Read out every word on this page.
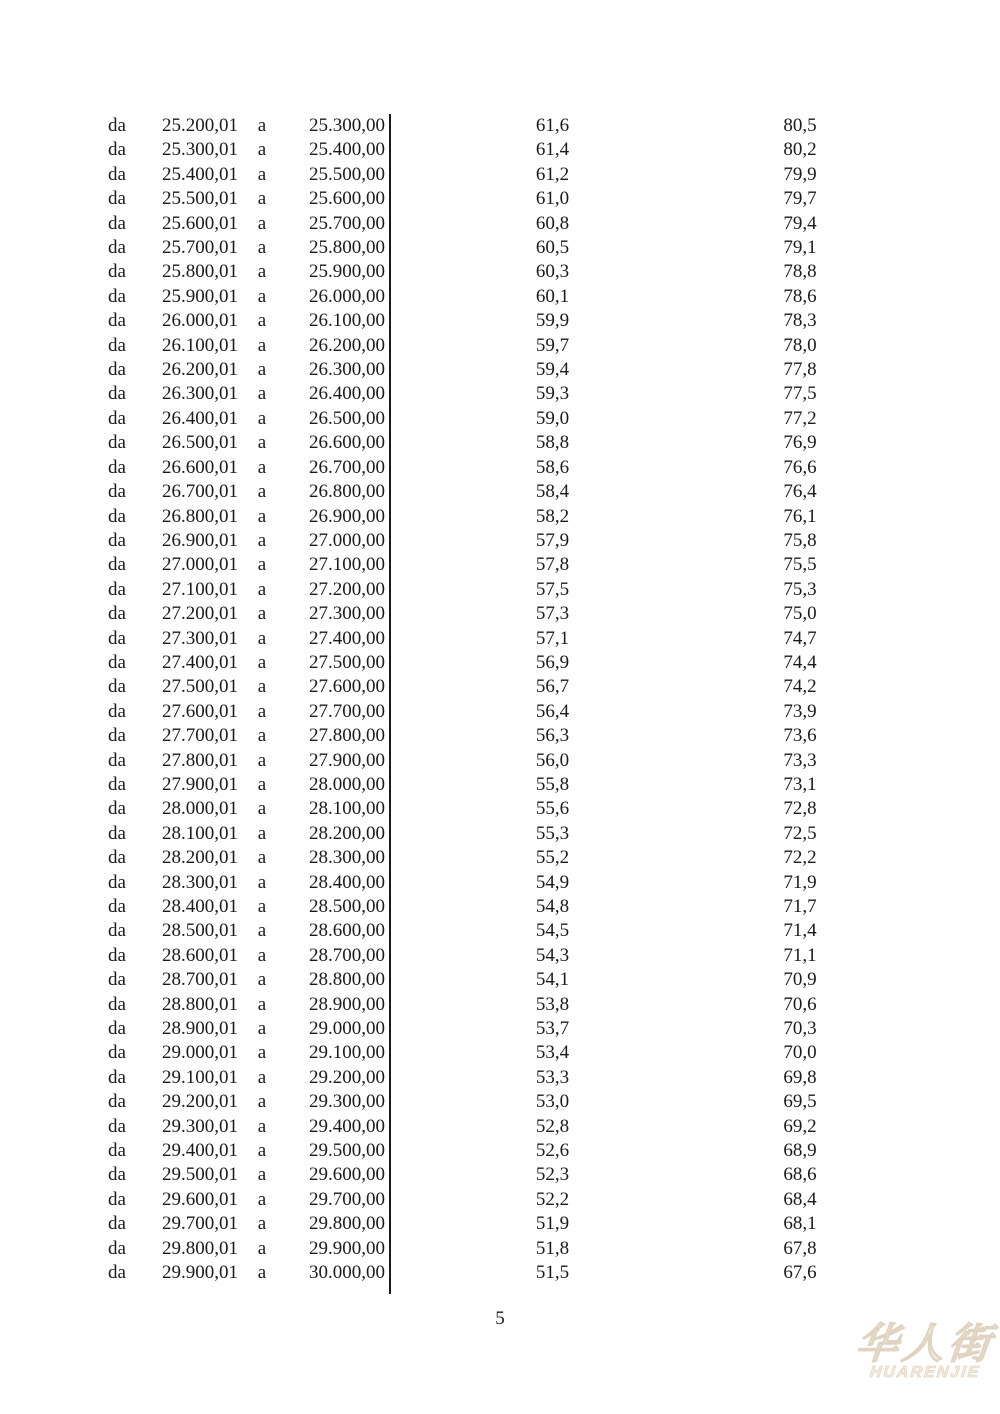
da	25.200,01	a	25.300,00	61,6	80,5
da	25.300,01	a	25.400,00	61,4	80,2
da	25.400,01	a	25.500,00	61,2	79,9
da	25.500,01	a	25.600,00	61,0	79,7
da	25.600,01	a	25.700,00	60,8	79,4
da	25.700,01	a	25.800,00	60,5	79,1
da	25.800,01	a	25.900,00	60,3	78,8
da	25.900,01	a	26.000,00	60,1	78,6
da	26.000,01	a	26.100,00	59,9	78,3
da	26.100,01	a	26.200,00	59,7	78,0
da	26.200,01	a	26.300,00	59,4	77,8
da	26.300,01	a	26.400,00	59,3	77,5
da	26.400,01	a	26.500,00	59,0	77,2
da	26.500,01	a	26.600,00	58,8	76,9
da	26.600,01	a	26.700,00	58,6	76,6
da	26.700,01	a	26.800,00	58,4	76,4
da	26.800,01	a	26.900,00	58,2	76,1
da	26.900,01	a	27.000,00	57,9	75,8
da	27.000,01	a	27.100,00	57,8	75,5
da	27.100,01	a	27.200,00	57,5	75,3
da	27.200,01	a	27.300,00	57,3	75,0
da	27.300,01	a	27.400,00	57,1	74,7
da	27.400,01	a	27.500,00	56,9	74,4
da	27.500,01	a	27.600,00	56,7	74,2
da	27.600,01	a	27.700,00	56,4	73,9
da	27.700,01	a	27.800,00	56,3	73,6
da	27.800,01	a	27.900,00	56,0	73,3
da	27.900,01	a	28.000,00	55,8	73,1
da	28.000,01	a	28.100,00	55,6	72,8
da	28.100,01	a	28.200,00	55,3	72,5
da	28.200,01	a	28.300,00	55,2	72,2
da	28.300,01	a	28.400,00	54,9	71,9
da	28.400,01	a	28.500,00	54,8	71,7
da	28.500,01	a	28.600,00	54,5	71,4
da	28.600,01	a	28.700,00	54,3	71,1
da	28.700,01	a	28.800,00	54,1	70,9
da	28.800,01	a	28.900,00	53,8	70,6
da	28.900,01	a	29.000,00	53,7	70,3
da	29.000,01	a	29.100,00	53,4	70,0
da	29.100,01	a	29.200,00	53,3	69,8
da	29.200,01	a	29.300,00	53,0	69,5
da	29.300,01	a	29.400,00	52,8	69,2
da	29.400,01	a	29.500,00	52,6	68,9
da	29.500,01	a	29.600,00	52,3	68,6
da	29.600,01	a	29.700,00	52,2	68,4
da	29.700,01	a	29.800,00	51,9	68,1
da	29.800,01	a	29.900,00	51,8	67,8
da	29.900,01	a	30.000,00	51,5	67,6
5
华人街
HUARENJIE
